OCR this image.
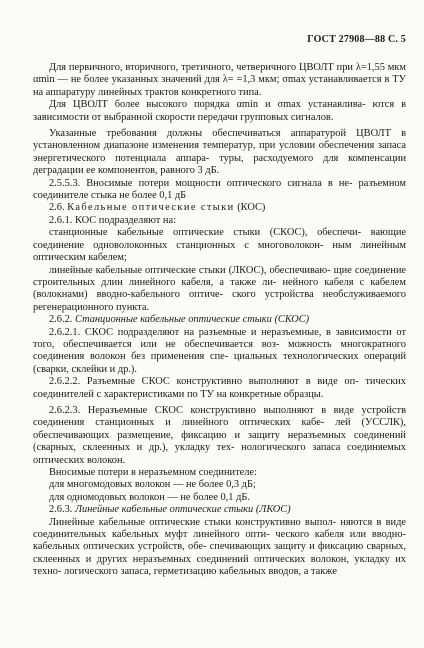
ГОСТ 27908—88 С. 5

Для первичного, вторичного, третичного, четверичного ЦВОЛТ при λ=1,55 мкм αmin — не более указанных значений для λ= =1,3 мкм; σmax устанавливается в ТУ на аппаратуру линейных трактов конкретного типа.

Для ЦВОЛТ более высокого порядка αmin и σmax устанавлива- ются в зависимости от выбранной скорости передачи групповых сигналов.

Указанные требования должны обеспечиваться аппаратурой ЦВОЛТ в установленном диапазоне изменения температур, при условии обеспечения запаса энергетического потенциала аппара- туры, расходуемого для компенсации деградации ее компонентов, равного 3 дБ.

2.5.5.3. Вносимые потери мощности оптического сигнала в не- разъемном соединителе стыка не более 0,1 дБ

2.6. Кабельные оптические стыки (КОС)

2.6.1. КОС подразделяют на:

станционные кабельные оптические стыки (СКОС), обеспечи- вающие соединение одноволоконных станционных с многоволокон- ным линейным оптическим кабелем;

линейные кабельные оптические стыки (ЛКОС), обеспечиваю- щие соединение строительных длин линейного кабеля, а также ли- нейного кабеля с кабелем (волокнами) вводно-кабельного оптиче- ского устройства необслуживаемого регенерационного пункта.

2.6.2. Станционные кабельные оптические стыки (СКОС)

2.6.2.1. СКОС подразделяют на разъемные и неразъемные, в зависимости от того, обеспечивается или не обеспечивается воз- можность многократного соединения волокон без применения спе- циальных технологических операций (сварки, склейки и др.).

2.6.2.2. Разъемные СКОС конструктивно выполняют в виде оп- тических соединителей с характеристиками по ТУ на конкретные образцы.

2.6.2.3. Неразъемные СКОС конструктивно выполняют в виде устройств соединения станционных и линейного оптических кабе- лей (УССЛК), обеспечивающих размещение, фиксацию и защиту неразъемных соединений (сварных, склеенных и др.), укладку тех- нологического запаса соединяемых оптических волокон.

Вносимые потери в неразъемном соединителе:

для многомодовых волокон — не более 0,3 дБ;

для одномодовых волокон — не более 0,1 дБ.

2.6.3. Линейные кабельные оптические стыки (ЛКОС)

Линейные кабельные оптические стыки конструктивно выпол- няются в виде соединительных кабельных муфт линейного опти- ческого кабеля или вводно-кабельных оптических устройств, обе- спечивающих защиту и фиксацию сварных, склеенных и других неразъемных соединений оптических волокон, укладку их техно- логического запаса, герметизацию кабельных вводов, а также
